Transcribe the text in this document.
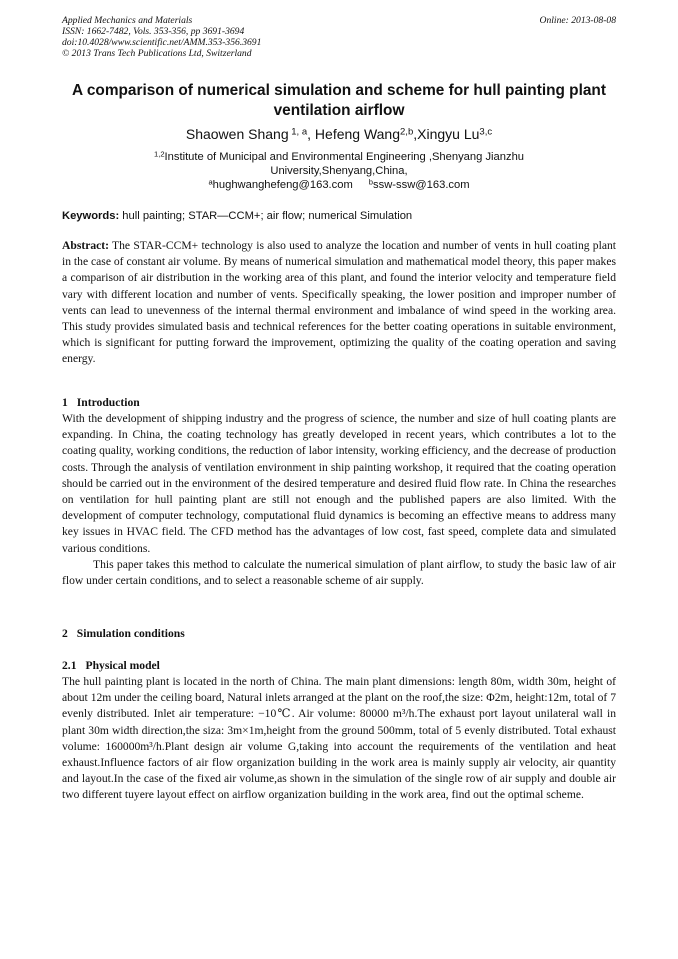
Applied Mechanics and Materials
ISSN: 1662-7482, Vols. 353-356, pp 3691-3694
doi:10.4028/www.scientific.net/AMM.353-356.3691
© 2013 Trans Tech Publications Ltd, Switzerland
Online: 2013-08-08
A comparison of numerical simulation and scheme for hull painting plant ventilation airflow
Shaowen Shang $^{1, a}$, Hefeng Wang$^{2,b}$,Xingyu Lu$^{3,c}$
$^{1,2}$Institute of Municipal and Environmental Engineering ,Shenyang Jianzhu
University,Shenyang,China,
$^a$hughwanghefeng@163.com $^b$ssw-ssw@163.com
Keywords: hull painting; STAR—CCM+; air flow; numerical Simulation

Abstract: The STAR-CCM+ technology is also used to analyze the location and number of vents in hull coating plant in the case of constant air volume. By means of numerical simulation and mathematical model theory, this paper makes a comparison of air distribution in the working area of this plant, and found the interior velocity and temperature field vary with different location and number of vents. Specifically speaking, the lower position and improper number of vents can lead to unevenness of the internal thermal environment and imbalance of wind speed in the working area. This study provides simulated basis and technical references for the better coating operations in suitable environment, which is significant for putting forward the improvement, optimizing the quality of the coating operation and saving energy.

1 Introduction

With the development of shipping industry and the progress of science, the number and size of hull coating plants are expanding. In China, the coating technology has greatly developed in recent years, which contributes a lot to the coating quality, working conditions, the reduction of labor intensity, working efficiency, and the decrease of production costs. Through the analysis of ventilation environment in ship painting workshop, it required that the coating operation should be carried out in the environment of the desired temperature and desired fluid flow rate. In China the researches on ventilation for hull painting plant are still not enough and the published papers are also limited. With the development of computer technology, computational fluid dynamics is becoming an effective means to address many key issues in HVAC field. The CFD method has the advantages of low cost, fast speed, complete data and simulated various conditions.

This paper takes this method to calculate the numerical simulation of plant airflow, to study the basic law of air flow under certain conditions, and to select a reasonable scheme of air supply.

2 Simulation conditions
2.1 Physical model

The hull painting plant is located in the north of China. The main plant dimensions: length 80m, width 30m, height of about 12m under the ceiling board, Natural inlets arranged at the plant on the roof,the size: Φ2m, height:12m, total of 7 evenly distributed. Inlet air temperature: −10℃. Air volume: 80000 m³/h.The exhaust port layout unilateral wall in plant 30m width direction,the siza: 3m×1m,height from the ground 500mm, total of 5 evenly distributed. Total exhaust volume: 160000m³/h.Plant design air volume G,taking into account the requirements of the ventilation and heat exhaust.Influence factors of air flow organization building in the work area is mainly supply air velocity, air quantity and layout.In the case of the fixed air volume,as shown in the simulation of the single row of air supply and double air two different tuyere layout effect on airflow organization building in the work area, find out the optimal scheme.
